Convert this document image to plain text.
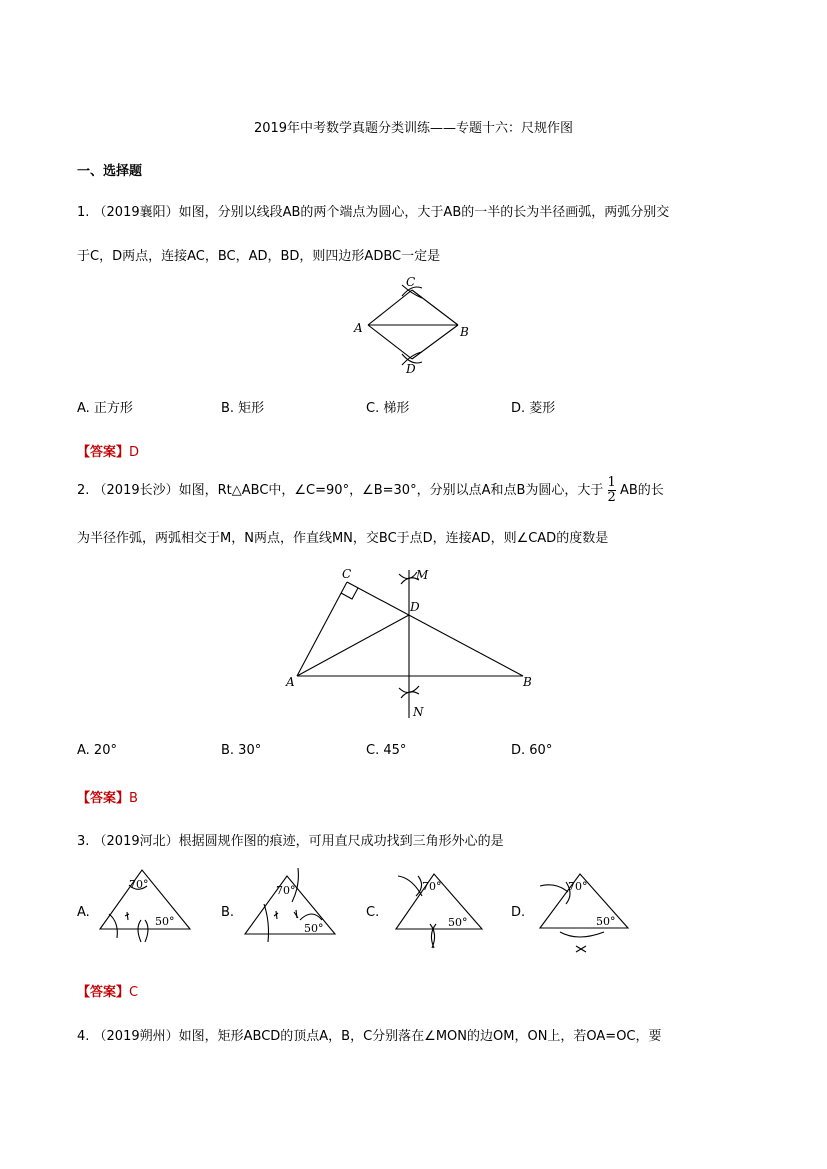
2019年中考数学真题分类训练——专题十六：尺规作图
一、选择题
1. （2019襄阳）如图，分别以线段AB的两个端点为圆心，大于AB的一半的长为半径画弧，两弧分别交
于C，D两点，连接AC，BC，AD，BD，则四边形ADBC一定是
C
A	B
D
A. 正方形	B. 矩形	C. 梯形	D. 菱形
【答案】D
2. （2019长沙）如图，Rt△ABC中，∠C=90°，∠B=30°，分别以点A和点B为圆心，大于 $\frac{1}{2}$ AB的长
为半径作弧，两弧相交于M，N两点，作直线MN，交BC于点D，连接AD，则∠CAD的度数是
C	M
D
A	B
N
A. 20°	B. 30°	C. 45°	D. 60°
【答案】B
3. （2019河北）根据圆规作图的痕迹，可用直尺成功找到三角形外心的是
A.
70°
50°
B.
70°
50°
C.
70°
50°
D.
70°
50°
【答案】C
4. （2019朔州）如图，矩形ABCD的顶点A，B，C分别落在∠MON的边OM，ON上，若OA=OC，要
